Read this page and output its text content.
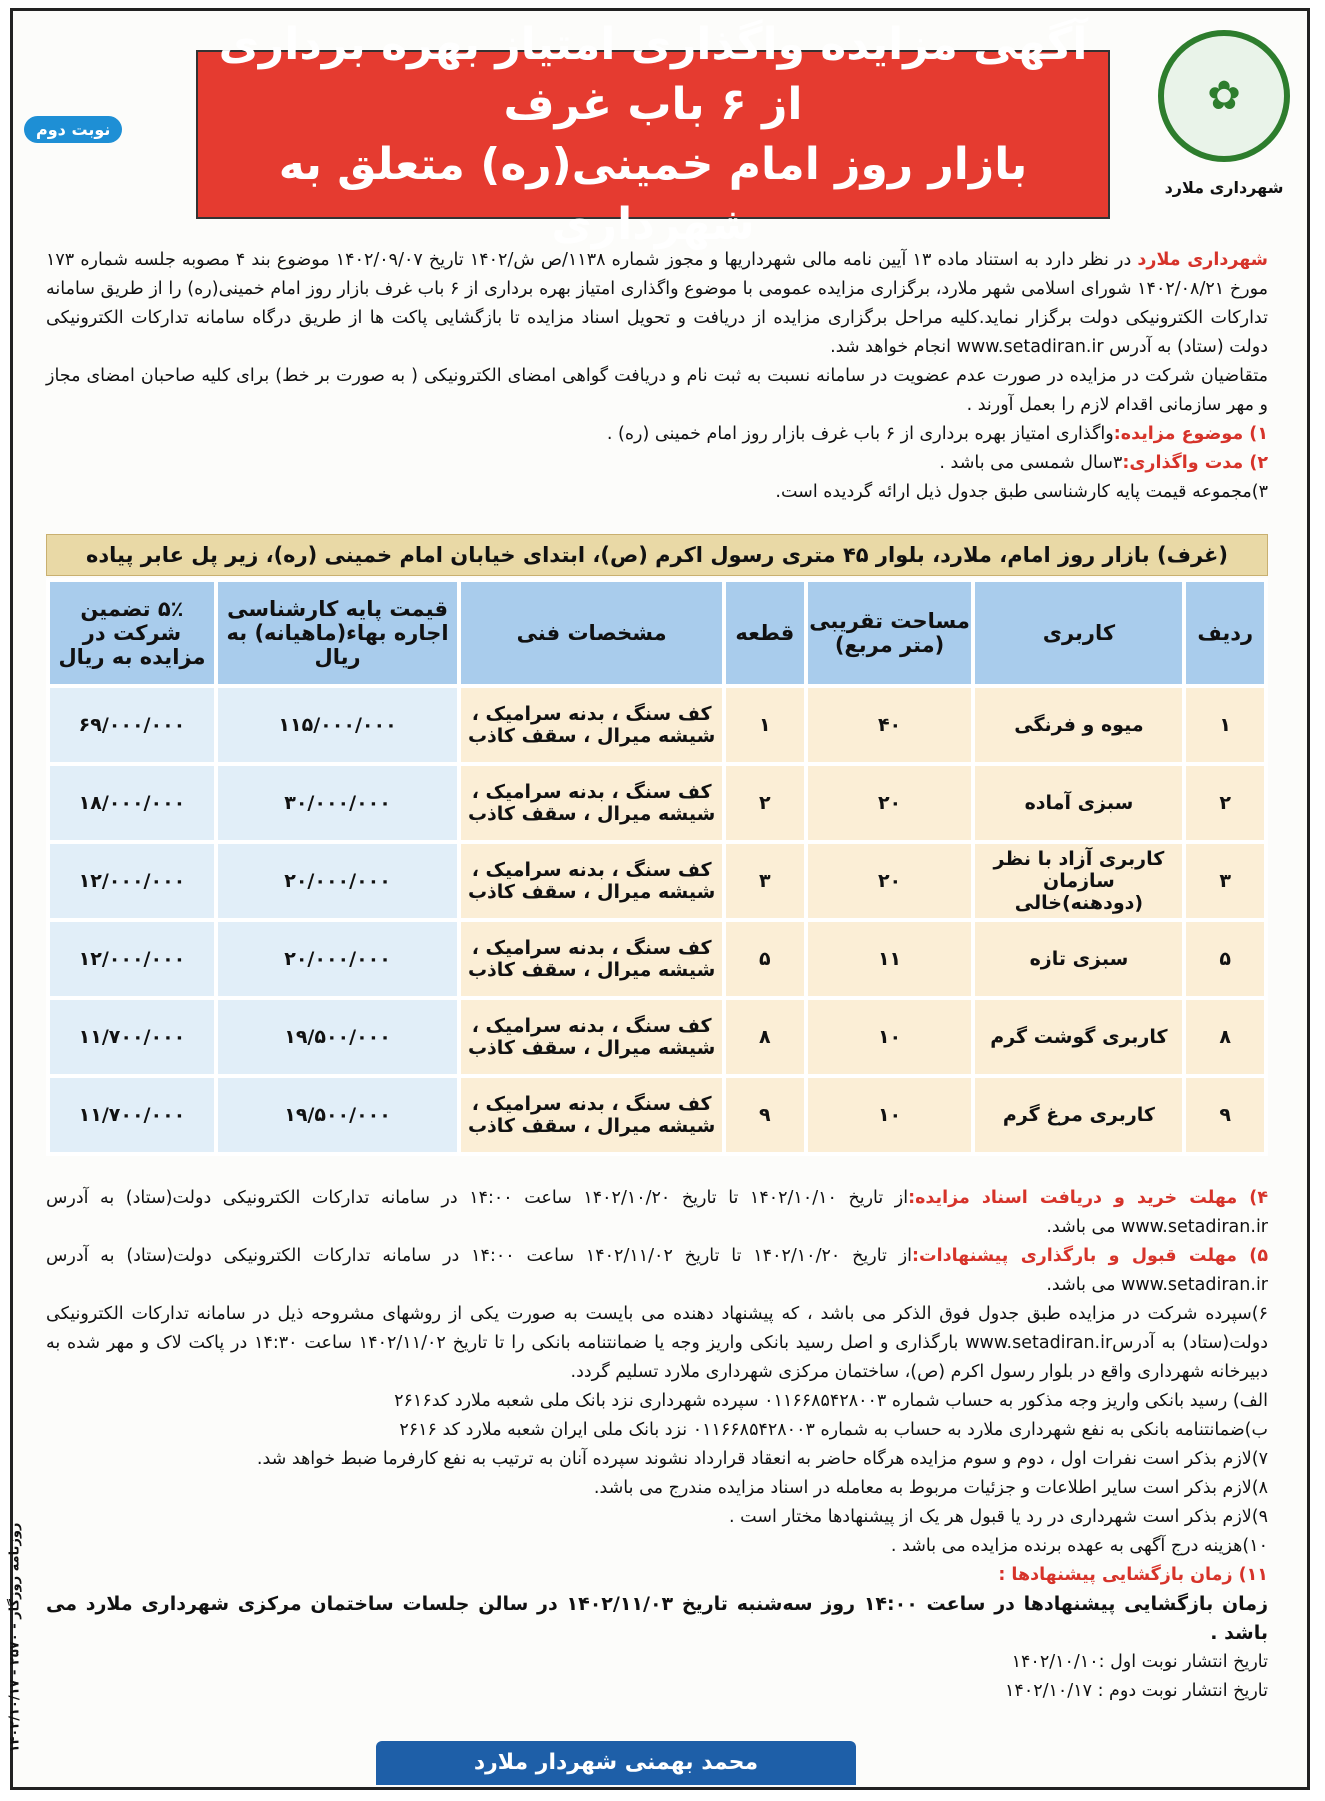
نوبت دوم
آگهی مزایده واگذاری امتیاز بهره برداری از ۶ باب غرف
بازار روز امام خمینی(ره) متعلق به شهرداری
✿
شهرداری ملارد

شهرداری ملارد در نظر دارد به استناد ماده ۱۳ آیین نامه مالی شهرداریها و مجوز شماره ۱۱۳۸/ص ش/۱۴۰۲ تاریخ ۱۴۰۲/۰۹/۰۷ موضوع بند ۴ مصوبه جلسه شماره ۱۷۳ مورخ ۱۴۰۲/۰۸/۲۱ شورای اسلامی شهر ملارد، برگزاری مزایده عمومی با موضوع واگذاری امتیاز بهره برداری از ۶ باب غرف بازار روز امام خمینی(ره) را از طریق سامانه تدارکات الکترونیکی دولت برگزار نماید.کلیه مراحل برگزاری مزایده از دریافت و تحویل اسناد مزایده تا بازگشایی پاکت ها از طریق درگاه سامانه تدارکات الکترونیکی دولت (ستاد) به آدرس www.setadiran.ir انجام خواهد شد.

متقاضیان شرکت در مزایده در صورت عدم عضویت در سامانه نسبت به ثبت نام و دریافت گواهی امضای الکترونیکی ( به صورت بر خط) برای کلیه صاحبان امضای مجاز و مهر سازمانی اقدام لازم را بعمل آورند .

۱) موضوع مزایده:واگذاری امتیاز بهره برداری از ۶ باب غرف بازار روز امام خمینی (ره) .

۲) مدت واگذاری:۳سال شمسی می باشد .

۳)مجموعه قیمت پایه کارشناسی طبق جدول ذیل ارائه گردیده است.

(غرف) بازار روز امام، ملارد، بلوار ۴۵ متری رسول اکرم (ص)، ابتدای خیابان امام خمینی (ره)، زیر پل عابر پیاده
ردیف	کاربری	مساحت تقریبی (متر مربع)	قطعه	مشخصات فنی	قیمت پایه کارشناسی اجاره بهاء(ماهیانه) به ریال	۵٪ تضمین شرکت در مزایده به ریال
۱	میوه و فرنگی	۴۰	۱	کف سنگ ، بدنه سرامیک ، شیشه میرال ، سقف کاذب	۱۱۵/۰۰۰/۰۰۰	۶۹/۰۰۰/۰۰۰
۲	سبزی آماده	۲۰	۲	کف سنگ ، بدنه سرامیک ، شیشه میرال ، سقف کاذب	۳۰/۰۰۰/۰۰۰	۱۸/۰۰۰/۰۰۰
۳	کاربری آزاد با نظر سازمان (دودهنه)خالی	۲۰	۳	کف سنگ ، بدنه سرامیک ، شیشه میرال ، سقف کاذب	۲۰/۰۰۰/۰۰۰	۱۲/۰۰۰/۰۰۰
۵	سبزی تازه	۱۱	۵	کف سنگ ، بدنه سرامیک ، شیشه میرال ، سقف کاذب	۲۰/۰۰۰/۰۰۰	۱۲/۰۰۰/۰۰۰
۸	کاربری گوشت گرم	۱۰	۸	کف سنگ ، بدنه سرامیک ، شیشه میرال ، سقف کاذب	۱۹/۵۰۰/۰۰۰	۱۱/۷۰۰/۰۰۰
۹	کاربری مرغ گرم	۱۰	۹	کف سنگ ، بدنه سرامیک ، شیشه میرال ، سقف کاذب	۱۹/۵۰۰/۰۰۰	۱۱/۷۰۰/۰۰۰

۴) مهلت خرید و دریافت اسناد مزایده:از تاریخ ۱۴۰۲/۱۰/۱۰ تا تاریخ ۱۴۰۲/۱۰/۲۰ ساعت ۱۴:۰۰ در سامانه تدارکات الکترونیکی دولت(ستاد) به آدرس www.setadiran.ir می باشد.

۵) مهلت قبول و بارگذاری پیشنهادات:از تاریخ ۱۴۰۲/۱۰/۲۰ تا تاریخ ۱۴۰۲/۱۱/۰۲ ساعت ۱۴:۰۰ در سامانه تدارکات الکترونیکی دولت(ستاد) به آدرس www.setadiran.ir می باشد.

۶)سپرده شرکت در مزایده طبق جدول فوق الذکر می باشد ، که پیشنهاد دهنده می بایست به صورت یکی از روشهای مشروحه ذیل در سامانه تدارکات الکترونیکی دولت(ستاد) به آدرسwww.setadiran.ir بارگذاری و اصل رسید بانکی واریز وجه یا ضمانتنامه بانکی را تا تاریخ ۱۴۰۲/۱۱/۰۲ ساعت ۱۴:۳۰ در پاکت لاک و مهر شده به دبیرخانه شهرداری واقع در بلوار رسول اکرم (ص)، ساختمان مرکزی شهرداری ملارد تسلیم گردد.

الف) رسید بانکی واریز وجه مذکور به حساب شماره ۰۱۱۶۶۸۵۴۲۸۰۰۳ سپرده شهرداری نزد بانک ملی شعبه ملارد کد۲۶۱۶

ب)ضمانتنامه بانکی به نفع شهرداری ملارد به حساب به شماره ۰۱۱۶۶۸۵۴۲۸۰۰۳ نزد بانک ملی ایران شعبه ملارد کد ۲۶۱۶

۷)لازم بذکر است نفرات اول ، دوم و سوم مزایده هرگاه حاضر به انعقاد قرارداد نشوند سپرده آنان به ترتیب به نفع کارفرما ضبط خواهد شد.

۸)لازم بذکر است سایر اطلاعات و جزئیات مربوط به معامله در اسناد مزایده مندرج می باشد.

۹)لازم بذکر است شهرداری در رد یا قبول هر یک از پیشنهادها مختار است .

۱۰)هزینه درج آگهی به عهده برنده مزایده می باشد .

۱۱) زمان بازگشایی پیشنهادها :

زمان بازگشایی پیشنهادها در ساعت ۱۴:۰۰ روز سه‌شنبه تاریخ ۱۴۰۲/۱۱/۰۳ در سالن جلسات ساختمان مرکزی شهرداری ملارد می باشد .

تاریخ انتشار نوبت اول :۱۴۰۲/۱۰/۱۰

تاریخ انتشار نوبت دوم : ۱۴۰۲/۱۰/۱۷

محمد بهمنی شهردار ملارد
روزنامه روزگار - ۲۵۷۰ - ۱۴۰۲/۱۰/۱۷
